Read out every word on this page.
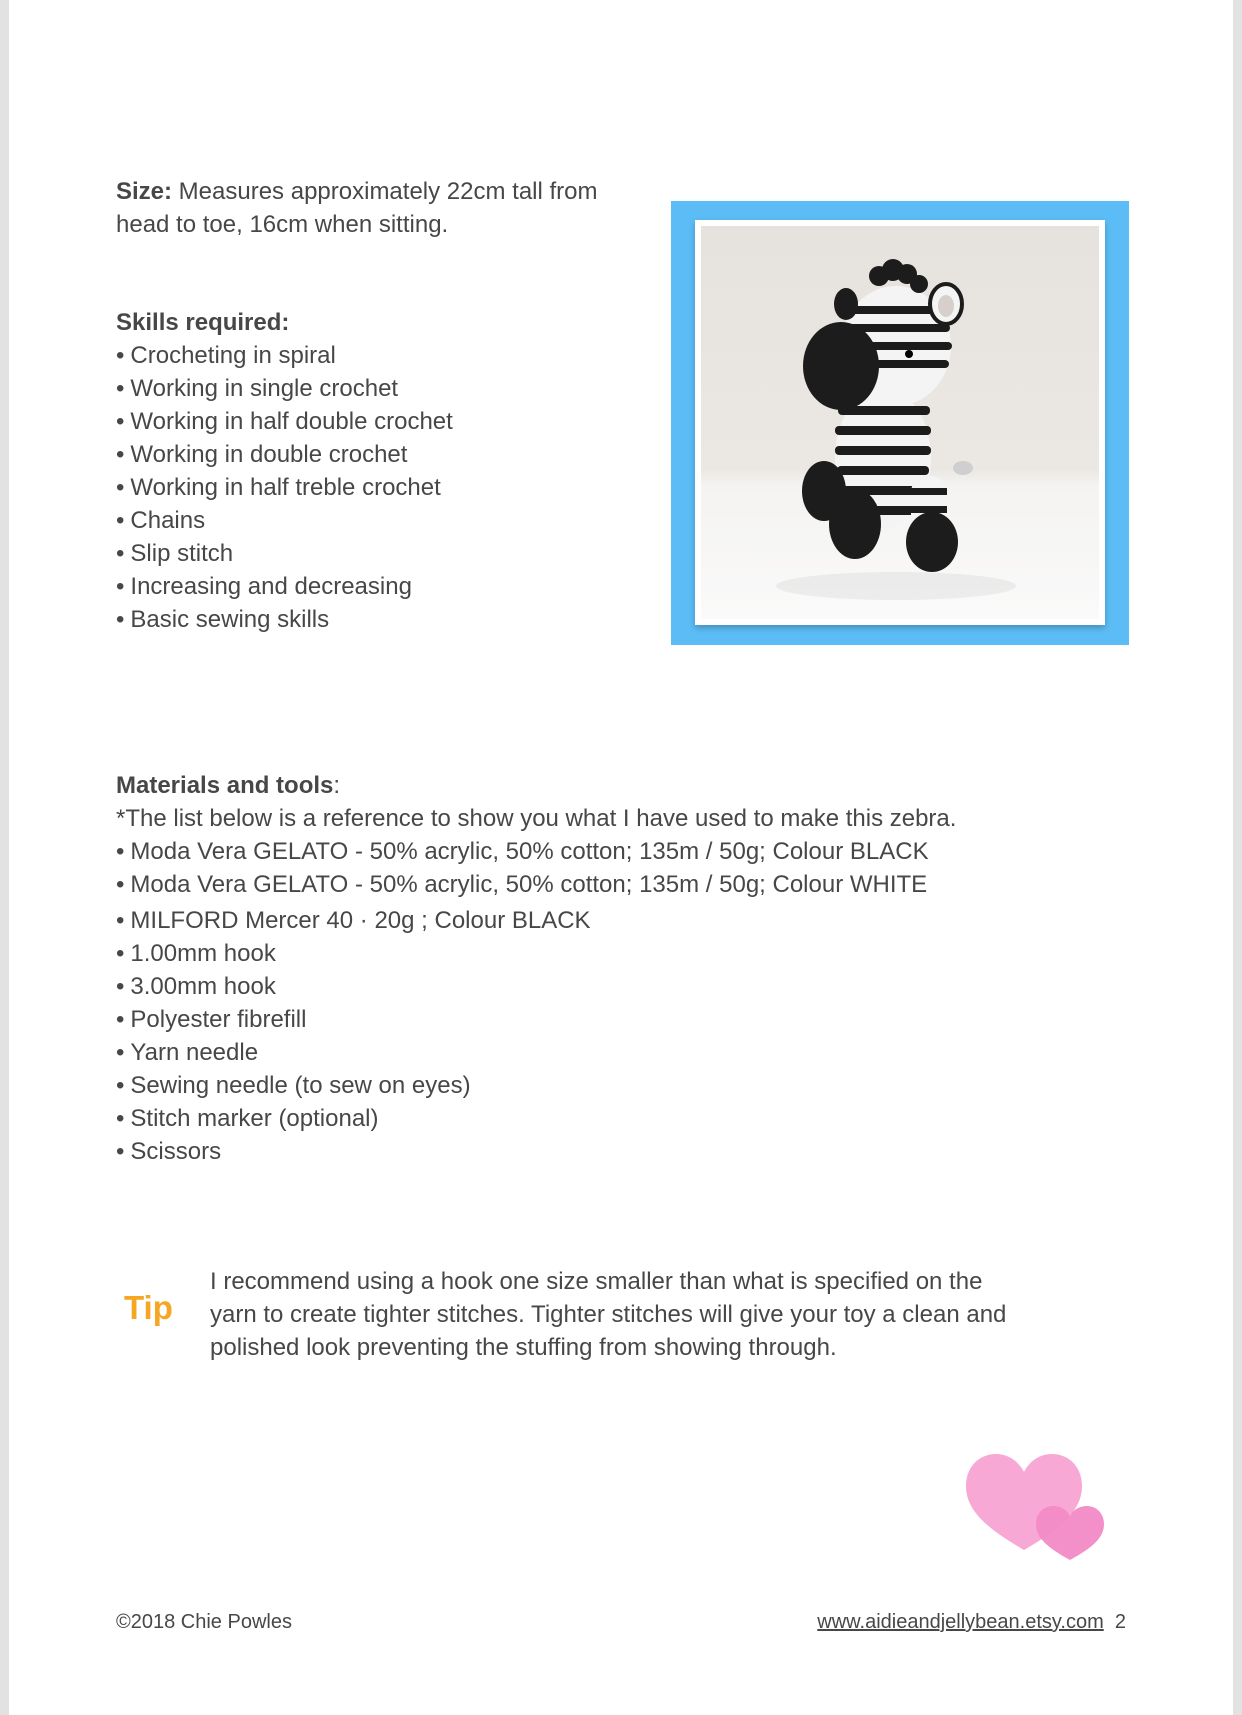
Size: Measures approximately 22cm tall from
head to toe, 16cm when sitting.
Skills required:
• Crocheting in spiral
• Working in single crochet
• Working in half double crochet
• Working in double crochet
• Working in half treble crochet
• Chains
• Slip stitch
• Increasing and decreasing
• Basic sewing skills
Materials and tools:
*The list below is a reference to show you what I have used to make this zebra.
• Moda Vera GELATO - 50% acrylic, 50% cotton; 135m / 50g; Colour BLACK
• Moda Vera GELATO - 50% acrylic, 50% cotton; 135m / 50g; Colour WHITE
• MILFORD Mercer 40 · 20g ; Colour BLACK
• 1.00mm hook
• 3.00mm hook
• Polyester fibrefill
• Yarn needle
• Sewing needle (to sew on eyes)
• Stitch marker (optional)
• Scissors
Tip
I recommend using a hook one size smaller than what is specified on the
yarn to create tighter stitches. Tighter stitches will give your toy a clean and
polished look preventing the stuffing from showing through.
©2018 Chie Powles	www.aidieandjellybean.etsy.com 2
